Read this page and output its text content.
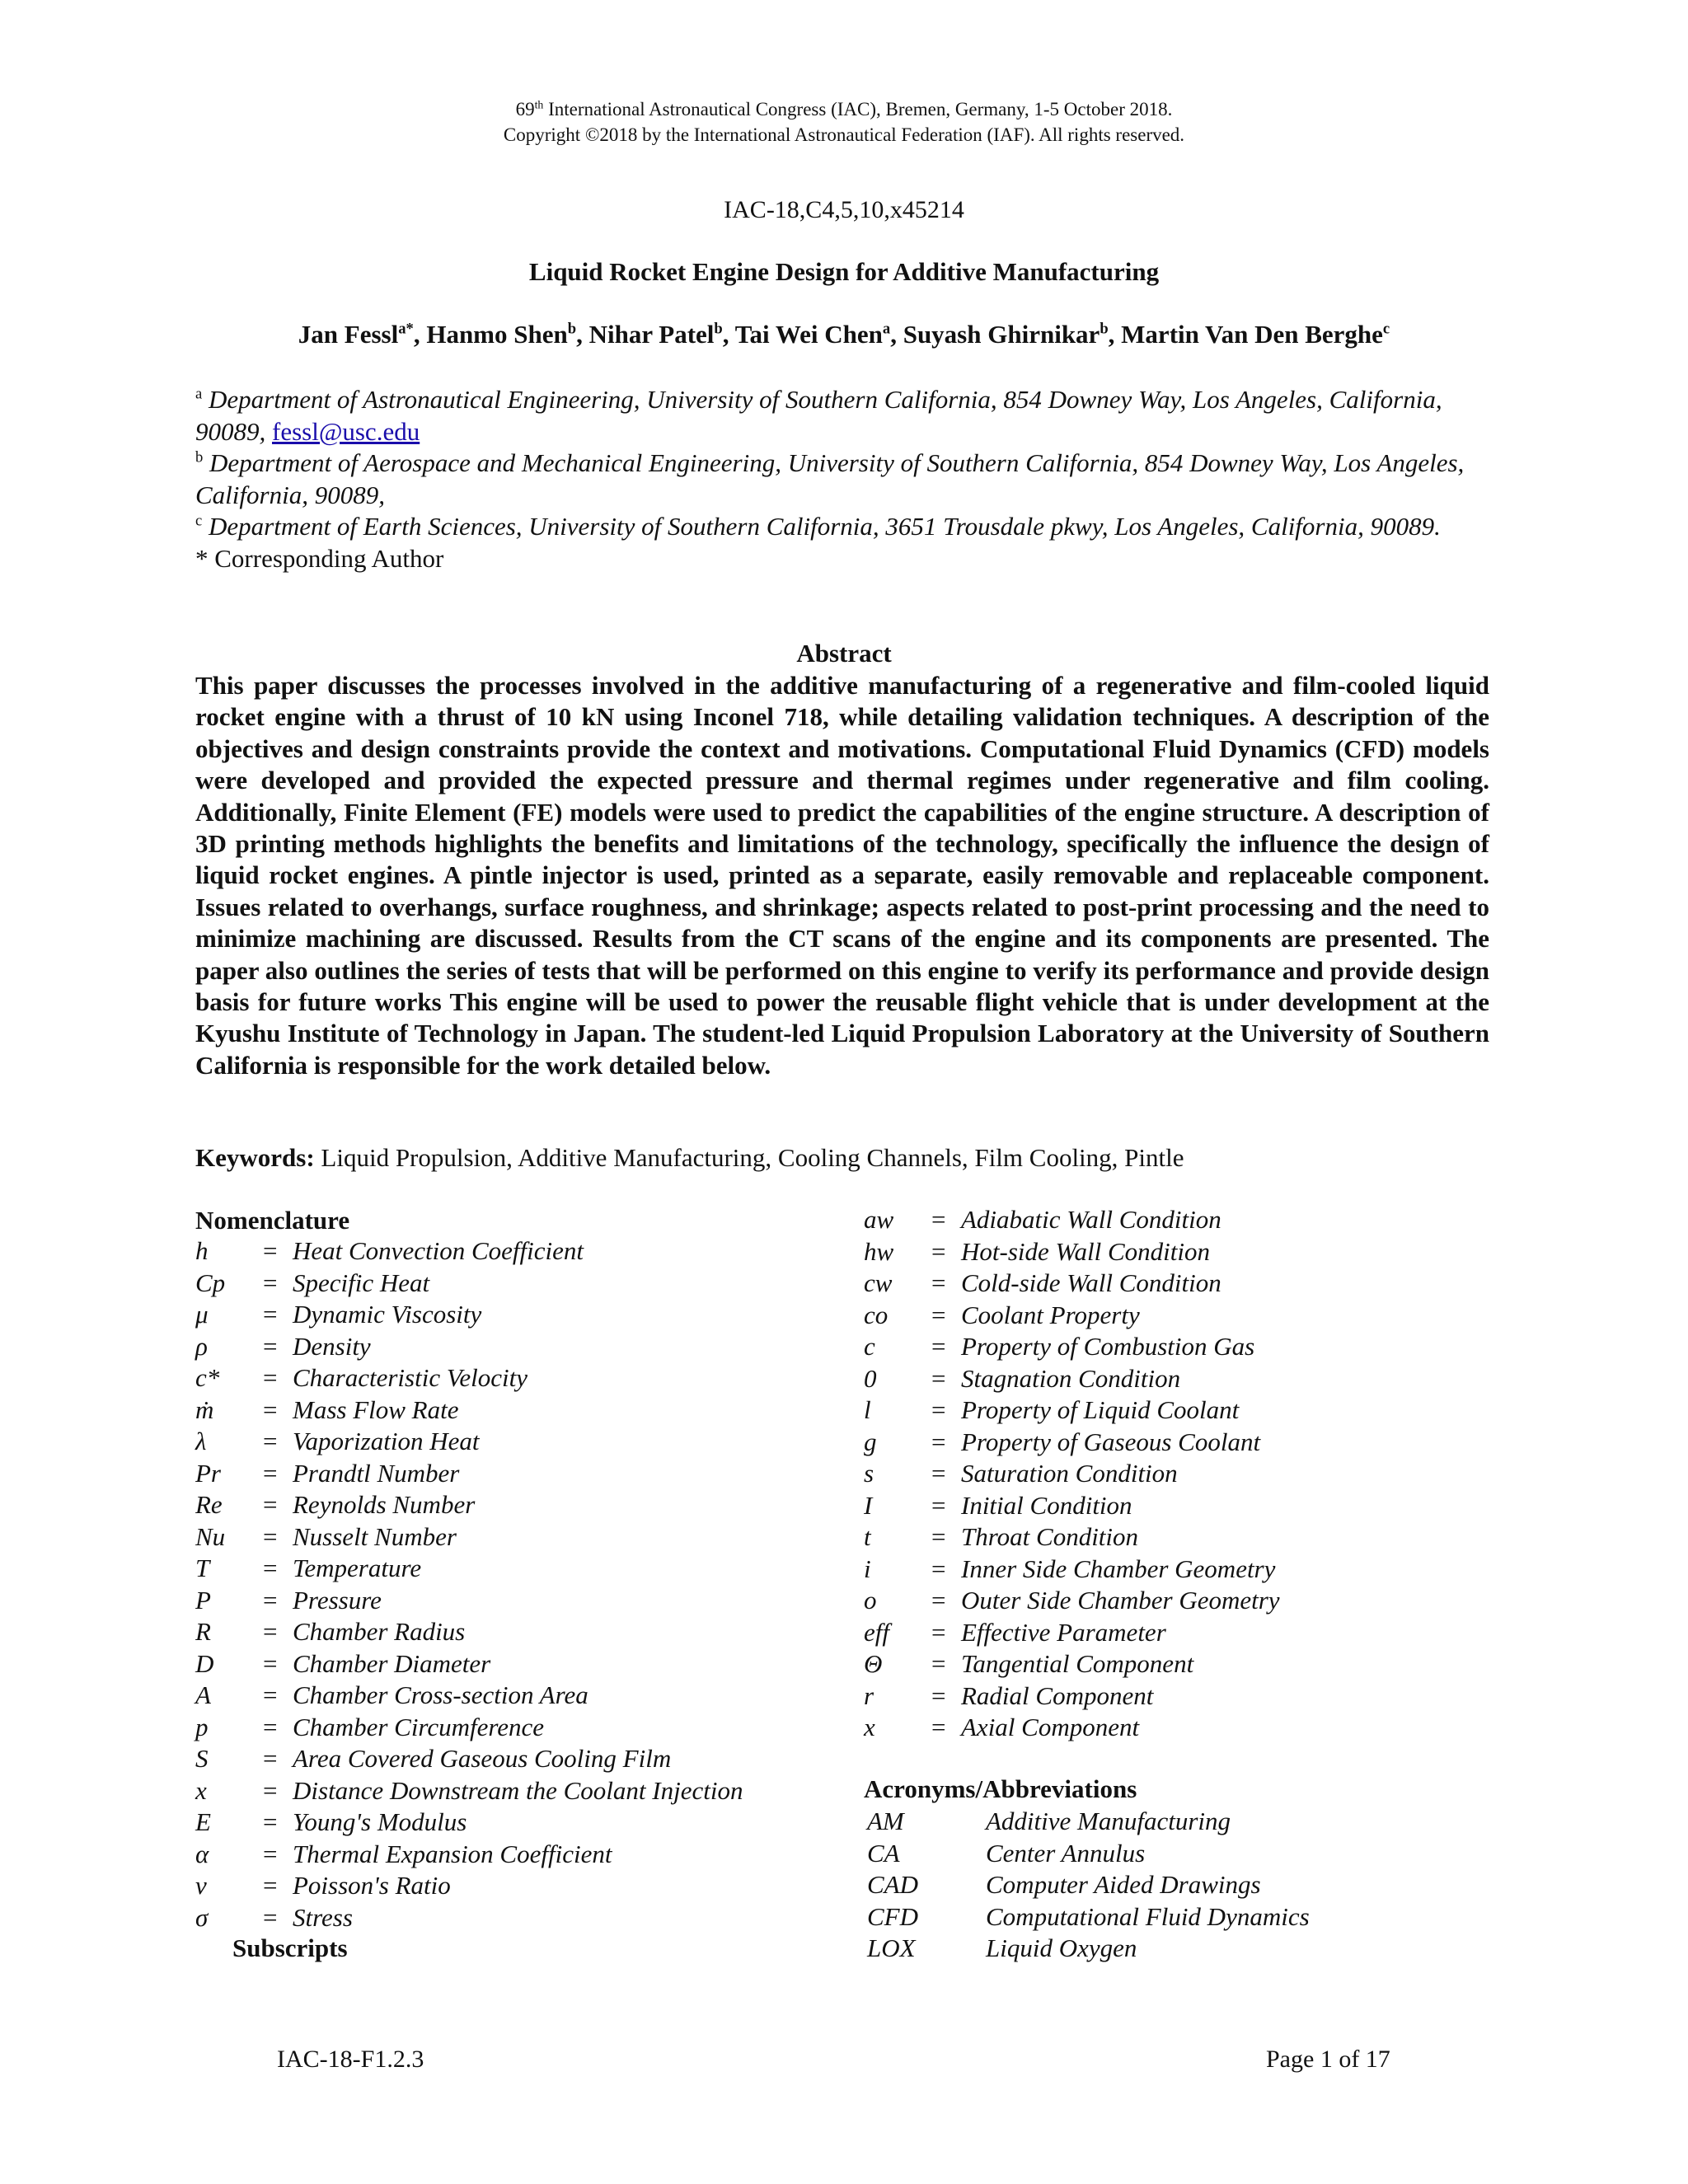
69th International Astronautical Congress (IAC), Bremen, Germany, 1-5 October 2018.
Copyright ©2018 by the International Astronautical Federation (IAF). All rights reserved.
IAC-18,C4,5,10,x45214
Liquid Rocket Engine Design for Additive Manufacturing
Jan Fessl$^{a*}$, Hanmo Shen$^b$, Nihar Patel$^b$, Tai Wei Chen$^a$, Suyash Ghirnikar$^b$, Martin Van Den Berghe$^c$
$^a$ Department of Astronautical Engineering, University of Southern California, 854 Downey Way, Los Angeles, California, 90089, fessl@usc.edu
$^b$ Department of Aerospace and Mechanical Engineering, University of Southern California, 854 Downey Way, Los Angeles, California, 90089,
$^c$ Department of Earth Sciences, University of Southern California, 3651 Trousdale pkwy, Los Angeles, California, 90089.
* Corresponding Author
Abstract
This paper discusses the processes involved in the additive manufacturing of a regenerative and film-cooled liquid rocket engine with a thrust of 10 kN using Inconel 718, while detailing validation techniques. A description of the objectives and design constraints provide the context and motivations. Computational Fluid Dynamics (CFD) models were developed and provided the expected pressure and thermal regimes under regenerative and film cooling. Additionally, Finite Element (FE) models were used to predict the capabilities of the engine structure. A description of 3D printing methods highlights the benefits and limitations of the technology, specifically the influence the design of liquid rocket engines. A pintle injector is used, printed as a separate, easily removable and replaceable component. Issues related to overhangs, surface roughness, and shrinkage; aspects related to post-print processing and the need to minimize machining are discussed. Results from the CT scans of the engine and its components are presented. The paper also outlines the series of tests that will be performed on this engine to verify its performance and provide design basis for future works This engine will be used to power the reusable flight vehicle that is under development at the Kyushu Institute of Technology in Japan. The student-led Liquid Propulsion Laboratory at the University of Southern California is responsible for the work detailed below.
Keywords: Liquid Propulsion, Additive Manufacturing, Cooling Channels, Film Cooling, Pintle
Nomenclature
h = Heat Convection Coefficient
Cp = Specific Heat
μ = Dynamic Viscosity
ρ = Density
c* = Characteristic Velocity
ṁ = Mass Flow Rate
λ = Vaporization Heat
Pr = Prandtl Number
Re = Reynolds Number
Nu = Nusselt Number
T = Temperature
P = Pressure
R = Chamber Radius
D = Chamber Diameter
A = Chamber Cross-section Area
p = Chamber Circumference
S = Area Covered Gaseous Cooling Film
x = Distance Downstream the Coolant Injection
E = Young's Modulus
α = Thermal Expansion Coefficient
ν = Poisson's Ratio
σ = Stress
Subscripts
aw = Adiabatic Wall Condition
hw = Hot-side Wall Condition
cw = Cold-side Wall Condition
co = Coolant Property
c = Property of Combustion Gas
0 = Stagnation Condition
l = Property of Liquid Coolant
g = Property of Gaseous Coolant
s = Saturation Condition
I = Initial Condition
t = Throat Condition
i = Inner Side Chamber Geometry
o = Outer Side Chamber Geometry
eff = Effective Parameter
Θ = Tangential Component
r = Radial Component
x = Axial Component
Acronyms/Abbreviations
AM	Additive Manufacturing
CA	Center Annulus
CAD	Computer Aided Drawings
CFD	Computational Fluid Dynamics
LOX	Liquid Oxygen
IAC-18-F1.2.3	Page 1 of 17
